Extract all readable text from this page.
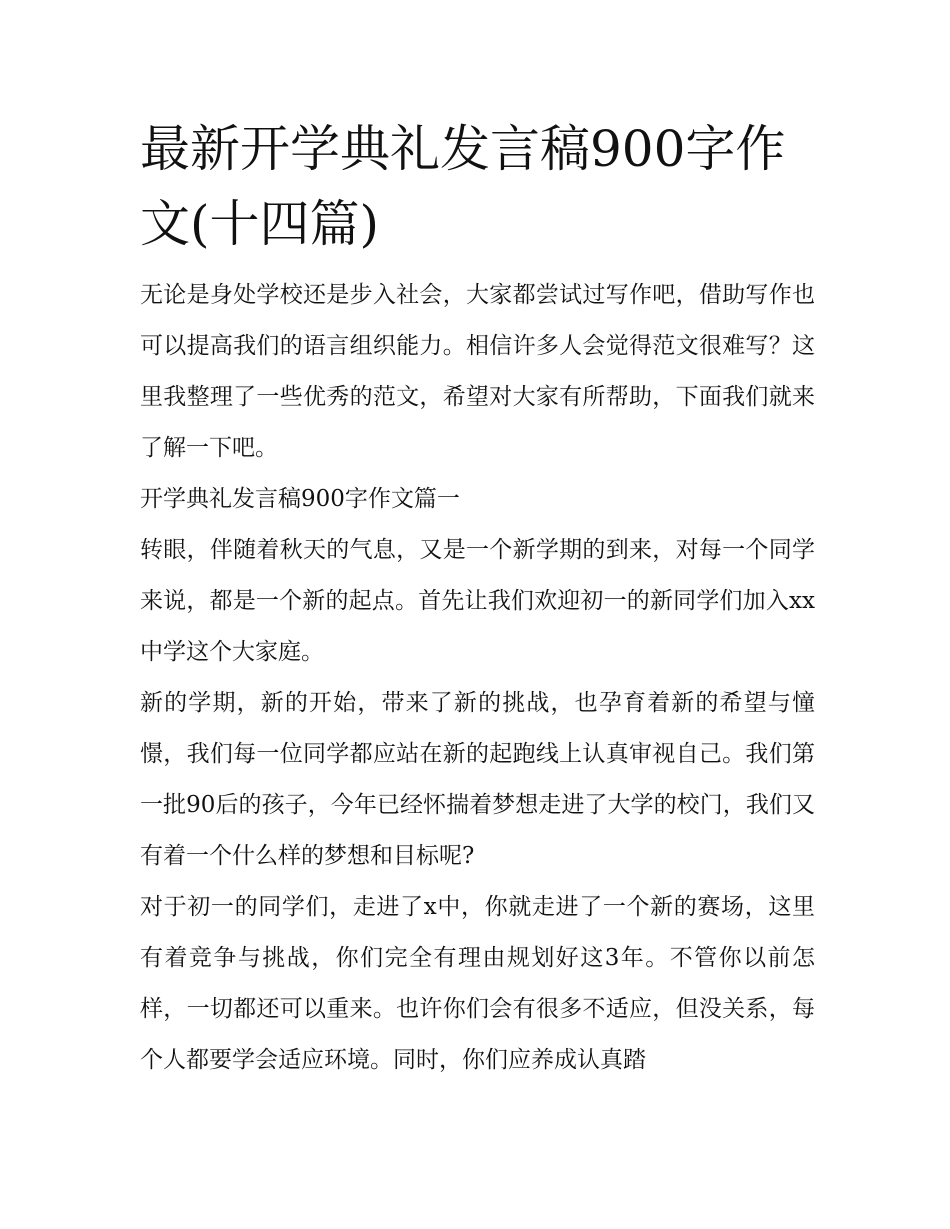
最新开学典礼发言稿900字作文(十四篇)

无论是身处学校还是步入社会，大家都尝试过写作吧，借助写作也可以提高我们的语言组织能力。相信许多人会觉得范文很难写？这里我整理了一些优秀的范文，希望对大家有所帮助，下面我们就来了解一下吧。

开学典礼发言稿900字作文篇一

转眼，伴随着秋天的气息，又是一个新学期的到来，对每一个同学来说，都是一个新的起点。首先让我们欢迎初一的新同学们加入xx中学这个大家庭。

新的学期，新的开始，带来了新的挑战，也孕育着新的希望与憧憬，我们每一位同学都应站在新的起跑线上认真审视自己。我们第一批90后的孩子，今年已经怀揣着梦想走进了大学的校门，我们又有着一个什么样的梦想和目标呢?

对于初一的同学们，走进了x中，你就走进了一个新的赛场，这里有着竞争与挑战，你们完全有理由规划好这3年。不管你以前怎样，一切都还可以重来。也许你们会有很多不适应，但没关系，每个人都要学会适应环境。同时，你们应养成认真踏
